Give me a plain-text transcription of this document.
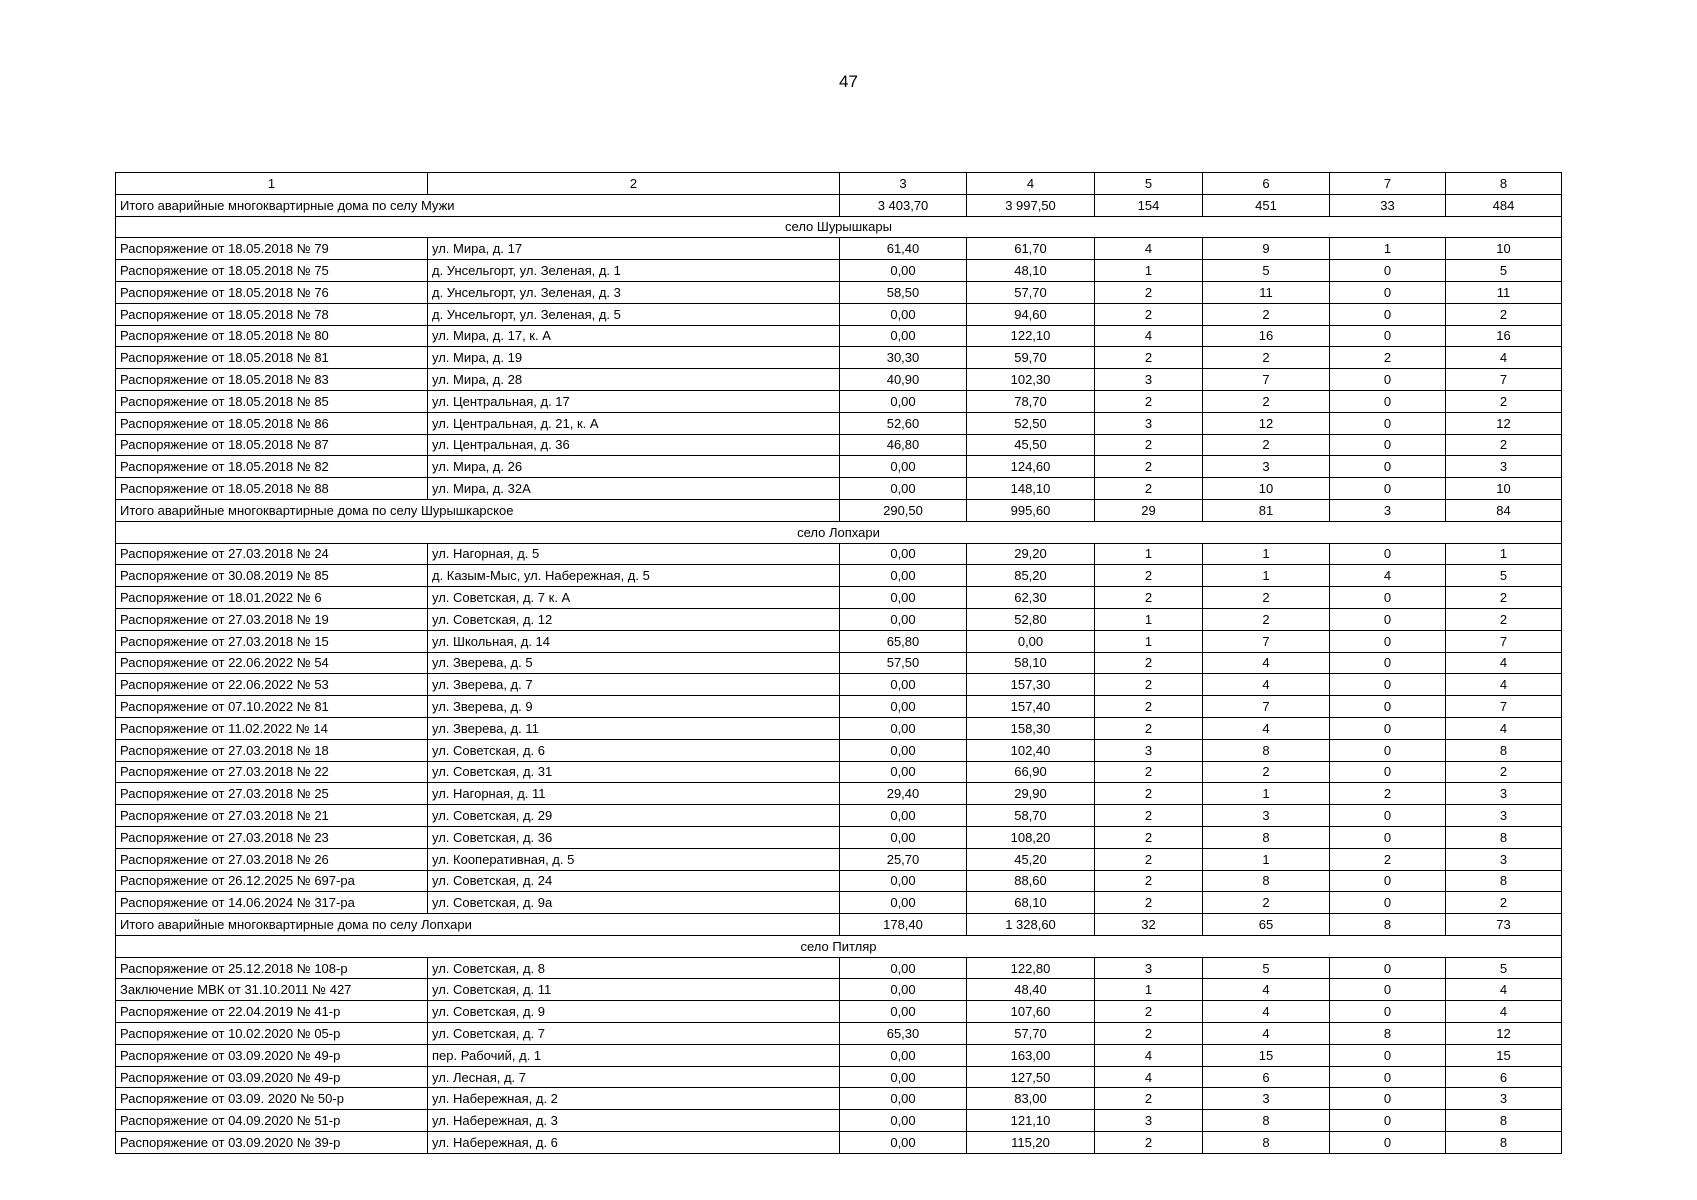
47
1	2	3	4	5	6	7	8
Итого аварийные многоквартирные дома по селу Мужи		3 403,70	3 997,50	154	451	33	484
село Шурышкары							
Распоряжение от 18.05.2018 № 79	ул. Мира, д. 17	61,40	61,70	4	9	1	10
Распоряжение от 18.05.2018 № 75	д. Унсельгорт, ул. Зеленая, д. 1	0,00	48,10	1	5	0	5
Распоряжение от 18.05.2018 № 76	д. Унсельгорт, ул. Зеленая, д. 3	58,50	57,70	2	11	0	11
Распоряжение от 18.05.2018 № 78	д. Унсельгорт, ул. Зеленая, д. 5	0,00	94,60	2	2	0	2
Распоряжение от 18.05.2018 № 80	ул. Мира, д. 17, к. А	0,00	122,10	4	16	0	16
Распоряжение от 18.05.2018 № 81	ул. Мира, д. 19	30,30	59,70	2	2	2	4
Распоряжение от 18.05.2018 № 83	ул. Мира, д. 28	40,90	102,30	3	7	0	7
Распоряжение от 18.05.2018 № 85	ул. Центральная, д. 17	0,00	78,70	2	2	0	2
Распоряжение от 18.05.2018 № 86	ул. Центральная, д. 21, к. А	52,60	52,50	3	12	0	12
Распоряжение от 18.05.2018 № 87	ул. Центральная, д. 36	46,80	45,50	2	2	0	2
Распоряжение от 18.05.2018 № 82	ул. Мира, д. 26	0,00	124,60	2	3	0	3
Распоряжение от 18.05.2018 № 88	ул. Мира, д. 32А	0,00	148,10	2	10	0	10
Итого аварийные многоквартирные дома по селу Шурышкарское		290,50	995,60	29	81	3	84
село Лопхари							
Распоряжение от 27.03.2018 № 24	ул. Нагорная, д. 5	0,00	29,20	1	1	0	1
Распоряжение от 30.08.2019 № 85	д. Казым-Мыс, ул. Набережная, д. 5	0,00	85,20	2	1	4	5
Распоряжение от 18.01.2022 № 6	ул. Советская, д. 7 к. А	0,00	62,30	2	2	0	2
Распоряжение от 27.03.2018 № 19	ул. Советская, д. 12	0,00	52,80	1	2	0	2
Распоряжение от 27.03.2018 № 15	ул. Школьная, д. 14	65,80	0,00	1	7	0	7
Распоряжение от 22.06.2022 № 54	ул. Зверева, д. 5	57,50	58,10	2	4	0	4
Распоряжение от 22.06.2022 № 53	ул. Зверева, д. 7	0,00	157,30	2	4	0	4
Распоряжение от 07.10.2022 № 81	ул. Зверева, д. 9	0,00	157,40	2	7	0	7
Распоряжение от 11.02.2022 № 14	ул. Зверева, д. 11	0,00	158,30	2	4	0	4
Распоряжение от 27.03.2018 № 18	ул. Советская, д. 6	0,00	102,40	3	8	0	8
Распоряжение от 27.03.2018 № 22	ул. Советская, д. 31	0,00	66,90	2	2	0	2
Распоряжение от 27.03.2018 № 25	ул. Нагорная, д. 11	29,40	29,90	2	1	2	3
Распоряжение от 27.03.2018 № 21	ул. Советская, д. 29	0,00	58,70	2	3	0	3
Распоряжение от 27.03.2018 № 23	ул. Советская, д. 36	0,00	108,20	2	8	0	8
Распоряжение от 27.03.2018 № 26	ул. Кооперативная, д. 5	25,70	45,20	2	1	2	3
Распоряжение от 26.12.2025 № 697-ра	ул. Советская, д. 24	0,00	88,60	2	8	0	8
Распоряжение от 14.06.2024 № 317-ра	ул. Советская, д. 9а	0,00	68,10	2	2	0	2
Итого аварийные многоквартирные дома по селу Лопхари		178,40	1 328,60	32	65	8	73
село Питляр							
Распоряжение от 25.12.2018 № 108-р	ул. Советская, д. 8	0,00	122,80	3	5	0	5
Заключение МВК от 31.10.2011 № 427	ул. Советская, д. 11	0,00	48,40	1	4	0	4
Распоряжение от 22.04.2019 № 41-р	ул. Советская, д. 9	0,00	107,60	2	4	0	4
Распоряжение от 10.02.2020 № 05-р	ул. Советская, д. 7	65,30	57,70	2	4	8	12
Распоряжение от 03.09.2020 № 49-р	пер. Рабочий, д. 1	0,00	163,00	4	15	0	15
Распоряжение от 03.09.2020 № 49-р	ул. Лесная, д. 7	0,00	127,50	4	6	0	6
Распоряжение от 03.09. 2020 № 50-р	ул. Набережная, д. 2	0,00	83,00	2	3	0	3
Распоряжение от 04.09.2020 № 51-р	ул. Набережная, д. 3	0,00	121,10	3	8	0	8
Распоряжение от 03.09.2020 № 39-р	ул. Набережная, д. 6	0,00	115,20	2	8	0	8
